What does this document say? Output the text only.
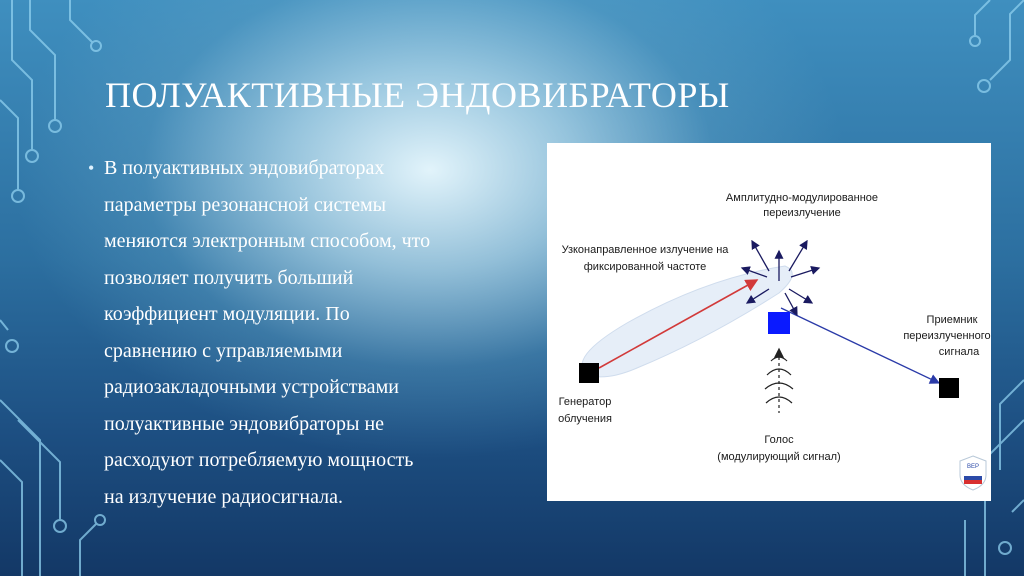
ПОЛУАКТИВНЫЕ ЭНДОВИБРАТОРЫ
• В полуактивных эндовибраторах
параметры резонансной системы
меняются электронным способом, что
позволяет получить больший
коэффициент модуляции. По
сравнению с управляемыми
радиозакладочными устройствами
полуактивные эндовибраторы не
расходуют потребляемую мощность
на излучение радиосигнала.
Амплитудно-модулированное
переизлучение
Узконаправленное излучение на
фиксированной частоте
Приемник
переизлученного
сигнала
Генератор
облучения
Голос
(модулирующий сигнал)
ВЕР
